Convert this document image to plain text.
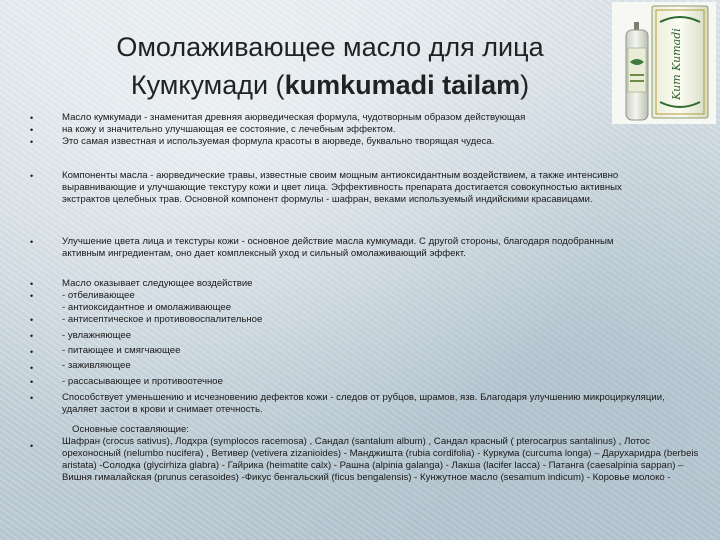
Омолаживающее масло для лица
Кумкумади (kumkumadi tailam)	Kum Kumadi
•
•
•
Масло кумкумади - знаменитая древняя аюрведическая формула, чудотворным образом действующая
на кожу и значительно улучшающая ее состояние, с лечебным эффектом.
Это самая известная и используемая формула красоты в аюрведе, буквально творящая чудеса.
•	Компоненты масла - аюрведические травы, известные своим мощным антиоксидантным воздействием, а также интенсивно выравнивающие и улучшающие текстуру кожи и цвет лица. Эффективность препарата достигается совокупностью активных экстрактов целебных трав. Основной компонент формулы - шафран, веками используемый индийскими красавицами.
•	Улучшение цвета лица и текстуры кожи - основное действие масла кумкумади. С другой стороны, благодаря подобранным активным ингредиентам, оно дает комплексный уход и сильный омолаживающий эффект.
•
•
•
•
•
•
•
•
Масло оказывает следующее воздействие
- отбеливающее
- антиоксидантное и омолаживающее
- антисептическое и противовоспалительное
- увлажняющее
- питающее и смягчающее
- заживляющее
- рассасывающее и противоотечное
Способствует уменьшению и исчезновению дефектов кожи - следов от рубцов, шрамов, язв. Благодаря улучшению микроциркуляции, удаляет застои в крови и снимает отечность.
•
Основные составляющие:
Шафран (crocus sativus), Лодхра (symplocos racemosa) , Сандал (santalum album) , Сандал красный ( pterocarpus santalinus) , Лотос орехоносный (nelumbo nucifera) , Ветивер (vetivera zizanioides) - Манджишта (rubia cordifolia) - Куркума (curcuma longa) – Дарухаридра (berbeis aristata) -Солодка (glycirhiza glabra) - Гайрика (heimatite calx) - Рашна (alpinia galanga) - Лакша (lacifer lacca) - Патанга (caesalpinia sappan) – Вишня гималайская (prunus cerasoides) -Фикус бенгальский (ficus bengalensis) - Кунжутное масло (sesamum indicum) - Коровье молоко -
